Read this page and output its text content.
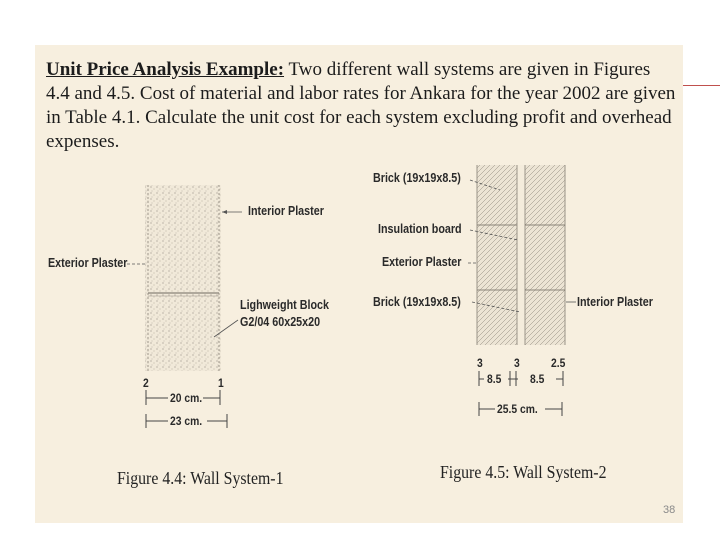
Unit Price Analysis Example: Two different wall systems are given in Figures 4.4 and 4.5. Cost of material and labor rates for Ankara for the year 2002 are given in Table 4.1. Calculate the unit cost for each system excluding profit and overhead expenses.
Interior Plaster
Exterior Plaster
Lighweight Block
G2/04 60x25x20
2	1
20 cm.
23 cm.
Figure 4.4: Wall System-1
Brick (19x19x8.5)
Insulation board
Exterior Plaster
Brick (19x19x8.5)	Interior Plaster
3	3	2.5
8.5 8.5
25.5 cm.
Figure 4.5: Wall System-2
38
